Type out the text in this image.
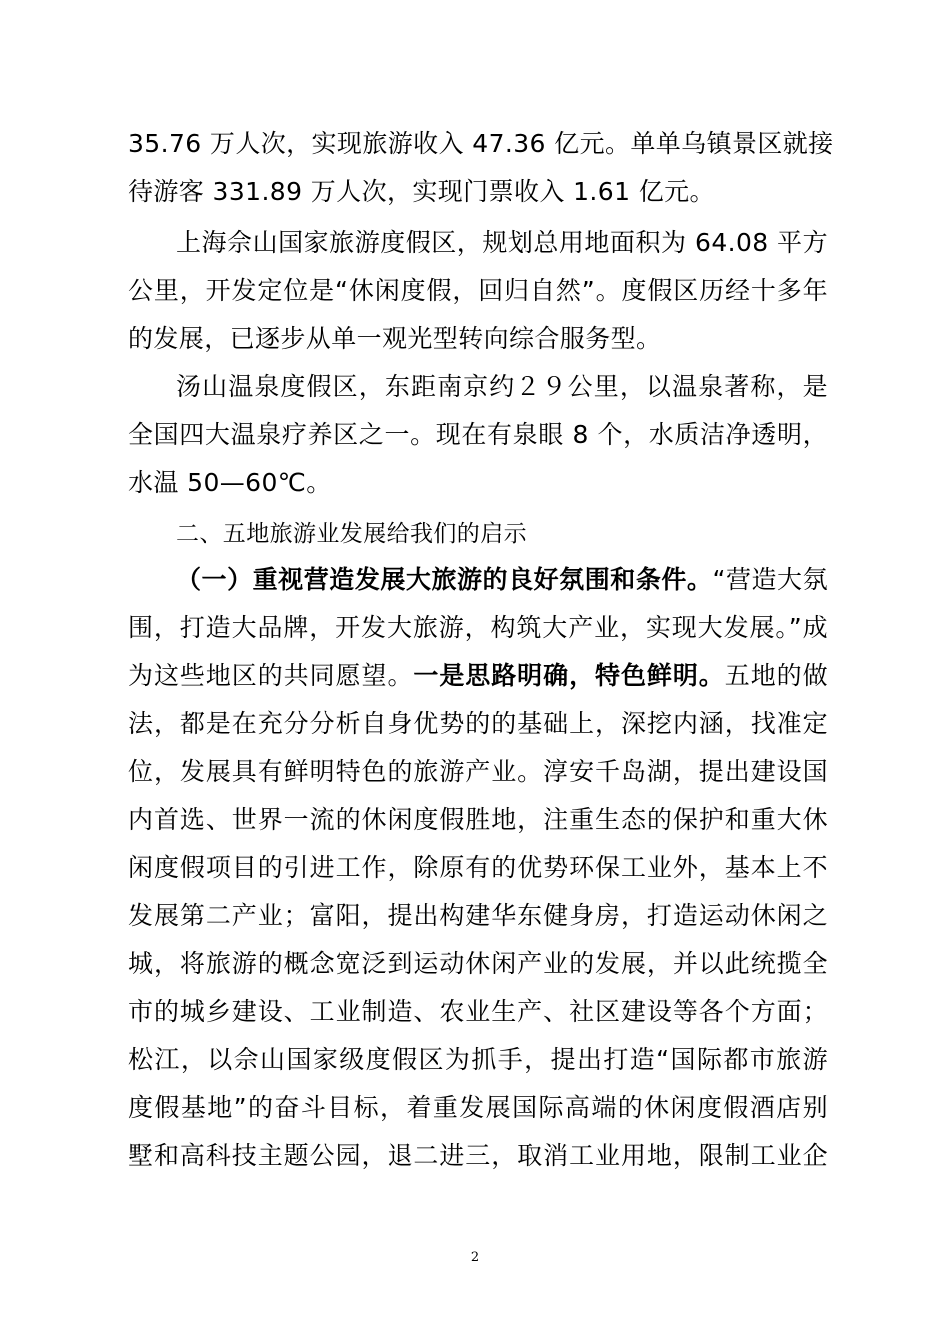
35.76 万人次，实现旅游收入 47.36 亿元。单单乌镇景区就接
待游客 331.89 万人次，实现门票收入 1.61 亿元。
上海佘山国家旅游度假区，规划总用地面积为 64.08 平方
公里，开发定位是“休闲度假，回归自然”。度假区历经十多年
的发展，已逐步从单一观光型转向综合服务型。
汤山温泉度假区，东距南京约２９公里，以温泉著称，是
全国四大温泉疗养区之一。现在有泉眼 8 个，水质洁净透明，
水温 50—60℃。
二、五地旅游业发展给我们的启示
（一）重视营造发展大旅游的良好氛围和条件。“营造大氛
围，打造大品牌，开发大旅游，构筑大产业，实现大发展。”成
为这些地区的共同愿望。一是思路明确，特色鲜明。五地的做
法，都是在充分分析自身优势的的基础上，深挖内涵，找准定
位，发展具有鲜明特色的旅游产业。淳安千岛湖，提出建设国
内首选、世界一流的休闲度假胜地，注重生态的保护和重大休
闲度假项目的引进工作，除原有的优势环保工业外，基本上不
发展第二产业；富阳，提出构建华东健身房，打造运动休闲之
城，将旅游的概念宽泛到运动休闲产业的发展，并以此统揽全
市的城乡建设、工业制造、农业生产、社区建设等各个方面；
松江，以佘山国家级度假区为抓手，提出打造“国际都市旅游
度假基地”的奋斗目标，着重发展国际高端的休闲度假酒店别
墅和高科技主题公园，退二进三，取消工业用地，限制工业企
2
